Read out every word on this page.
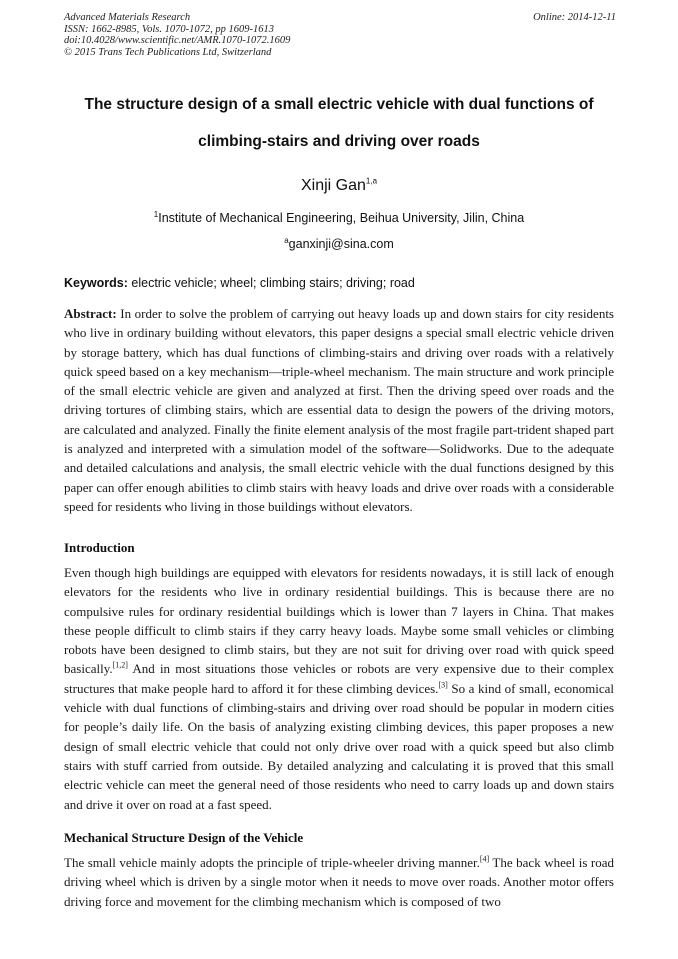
Advanced Materials Research
ISSN: 1662-8985, Vols. 1070-1072, pp 1609-1613
doi:10.4028/www.scientific.net/AMR.1070-1072.1609
© 2015 Trans Tech Publications Ltd, Switzerland
Online: 2014-12-11
The structure design of a small electric vehicle with dual functions of
climbing-stairs and driving over roads
Xinji Gan$^{1,a}$
$^1$Institute of Mechanical Engineering, Beihua University, Jilin, China
$^a$ganxinji@sina.com
Keywords: electric vehicle; wheel; climbing stairs; driving; road
Abstract: In order to solve the problem of carrying out heavy loads up and down stairs for city residents who live in ordinary building without elevators, this paper designs a special small electric vehicle driven by storage battery, which has dual functions of climbing-stairs and driving over roads with a relatively quick speed based on a key mechanism—triple-wheel mechanism. The main structure and work principle of the small electric vehicle are given and analyzed at first. Then the driving speed over roads and the driving tortures of climbing stairs, which are essential data to design the powers of the driving motors, are calculated and analyzed. Finally the finite element analysis of the most fragile part-trident shaped part is analyzed and interpreted with a simulation model of the software—Solidworks. Due to the adequate and detailed calculations and analysis, the small electric vehicle with the dual functions designed by this paper can offer enough abilities to climb stairs with heavy loads and drive over roads with a considerable speed for residents who living in those buildings without elevators.
Introduction
Even though high buildings are equipped with elevators for residents nowadays, it is still lack of enough elevators for the residents who live in ordinary residential buildings. This is because there are no compulsive rules for ordinary residential buildings which is lower than 7 layers in China. That makes these people difficult to climb stairs if they carry heavy loads. Maybe some small vehicles or climbing robots have been designed to climb stairs, but they are not suit for driving over road with quick speed basically.[1,2] And in most situations those vehicles or robots are very expensive due to their complex structures that make people hard to afford it for these climbing devices.[3] So a kind of small, economical vehicle with dual functions of climbing-stairs and driving over road should be popular in modern cities for people’s daily life. On the basis of analyzing existing climbing devices, this paper proposes a new design of small electric vehicle that could not only drive over road with a quick speed but also climb stairs with stuff carried from outside. By detailed analyzing and calculating it is proved that this small electric vehicle can meet the general need of those residents who need to carry loads up and down stairs and drive it over on road at a fast speed.
Mechanical Structure Design of the Vehicle
The small vehicle mainly adopts the principle of triple-wheeler driving manner.[4] The back wheel is road driving wheel which is driven by a single motor when it needs to move over roads. Another motor offers driving force and movement for the climbing mechanism which is composed of two
